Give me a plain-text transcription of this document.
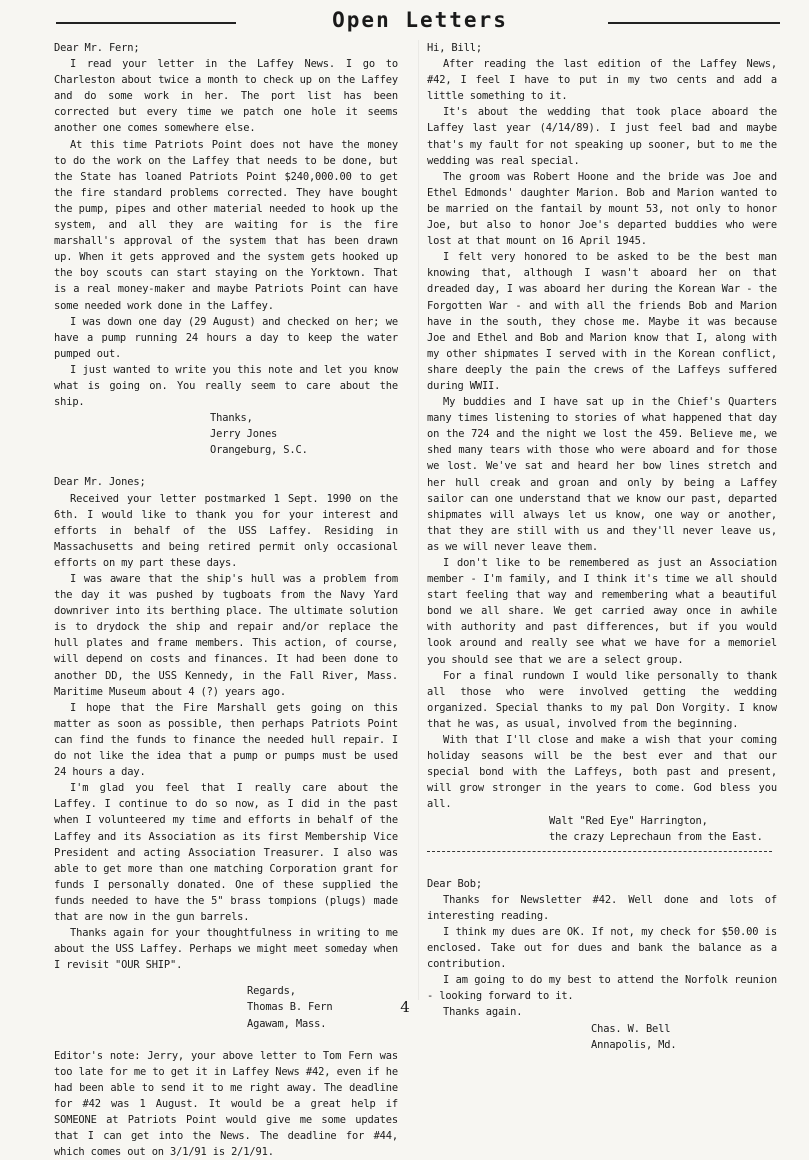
Open Letters

Dear Mr. Fern;

I read your letter in the Laffey News. I go to Charleston about twice a month to check up on the Laffey and do some work in her. The port list has been corrected but every time we patch one hole it seems another one comes somewhere else.

At this time Patriots Point does not have the money to do the work on the Laffey that needs to be done, but the State has loaned Patriots Point $240,000.00 to get the fire standard problems corrected. They have bought the pump, pipes and other material needed to hook up the system, and all they are waiting for is the fire marshall's approval of the system that has been drawn up. When it gets approved and the system gets hooked up the boy scouts can start staying on the Yorktown. That is a real money-maker and maybe Patriots Point can have some needed work done in the Laffey.

I was down one day (29 August) and checked on her; we have a pump running 24 hours a day to keep the water pumped out.

I just wanted to write you this note and let you know what is going on. You really seem to care about the ship.

Thanks,

Jerry Jones

Orangeburg, S.C.

Dear Mr. Jones;

Received your letter postmarked 1 Sept. 1990 on the 6th. I would like to thank you for your interest and efforts in behalf of the USS Laffey. Residing in Massachusetts and being retired permit only occasional efforts on my part these days.

I was aware that the ship's hull was a problem from the day it was pushed by tugboats from the Navy Yard downriver into its berthing place. The ultimate solution is to drydock the ship and repair and/or replace the hull plates and frame members. This action, of course, will depend on costs and finances. It had been done to another DD, the USS Kennedy, in the Fall River, Mass. Maritime Museum about 4 (?) years ago.

I hope that the Fire Marshall gets going on this matter as soon as possible, then perhaps Patriots Point can find the funds to finance the needed hull repair. I do not like the idea that a pump or pumps must be used 24 hours a day.

I'm glad you feel that I really care about the Laffey. I continue to do so now, as I did in the past when I volunteered my time and efforts in behalf of the Laffey and its Association as its first Membership Vice President and acting Association Treasurer. I also was able to get more than one matching Corporation grant for funds I personally donated. One of these supplied the funds needed to have the 5" brass tompions (plugs) made that are now in the gun barrels.

Thanks again for your thoughtfulness in writing to me about the USS Laffey. Perhaps we might meet someday when I revisit "OUR SHIP".

Regards,

Thomas B. Fern

Agawam, Mass.

Editor's note: Jerry, your above letter to Tom Fern was too late for me to get it in Laffey News #42, even if he had been able to send it to me right away. The deadline for #42 was 1 August. It would be a great help if SOMEONE at Patriots Point would give me some updates that I can get into the News. The deadline for #44, which comes out on 3/1/91 is 2/1/91.

Hi, Bill;

After reading the last edition of the Laffey News, #42, I feel I have to put in my two cents and add a little something to it.

It's about the wedding that took place aboard the Laffey last year (4/14/89). I just feel bad and maybe that's my fault for not speaking up sooner, but to me the wedding was real special.

The groom was Robert Hoone and the bride was Joe and Ethel Edmonds' daughter Marion. Bob and Marion wanted to be married on the fantail by mount 53, not only to honor Joe, but also to honor Joe's departed buddies who were lost at that mount on 16 April 1945.

I felt very honored to be asked to be the best man knowing that, although I wasn't aboard her on that dreaded day, I was aboard her during the Korean War - the Forgotten War - and with all the friends Bob and Marion have in the south, they chose me. Maybe it was because Joe and Ethel and Bob and Marion know that I, along with my other shipmates I served with in the Korean conflict, share deeply the pain the crews of the Laffeys suffered during WWII.

My buddies and I have sat up in the Chief's Quarters many times listening to stories of what happened that day on the 724 and the night we lost the 459. Believe me, we shed many tears with those who were aboard and for those we lost. We've sat and heard her bow lines stretch and her hull creak and groan and only by being a Laffey sailor can one understand that we know our past, departed shipmates will always let us know, one way or another, that they are still with us and they'll never leave us, as we will never leave them.

I don't like to be remembered as just an Association member - I'm family, and I think it's time we all should start feeling that way and remembering what a beautiful bond we all share. We get carried away once in awhile with authority and past differences, but if you would look around and really see what we have for a memoriel you should see that we are a select group.

For a final rundown I would like personally to thank all those who were involved getting the wedding organized. Special thanks to my pal Don Vorgity. I know that he was, as usual, involved from the beginning.

With that I'll close and make a wish that your coming holiday seasons will be the best ever and that our special bond with the Laffeys, both past and present, will grow stronger in the years to come. God bless you all.

Walt "Red Eye" Harrington,

the crazy Leprechaun from the East.

Dear Bob;

Thanks for Newsletter #42. Well done and lots of interesting reading.

I think my dues are OK. If not, my check for $50.00 is enclosed. Take out for dues and bank the balance as a contribution.

I am going to do my best to attend the Norfolk reunion - looking forward to it.

Thanks again.

Chas. W. Bell

Annapolis, Md.

4
